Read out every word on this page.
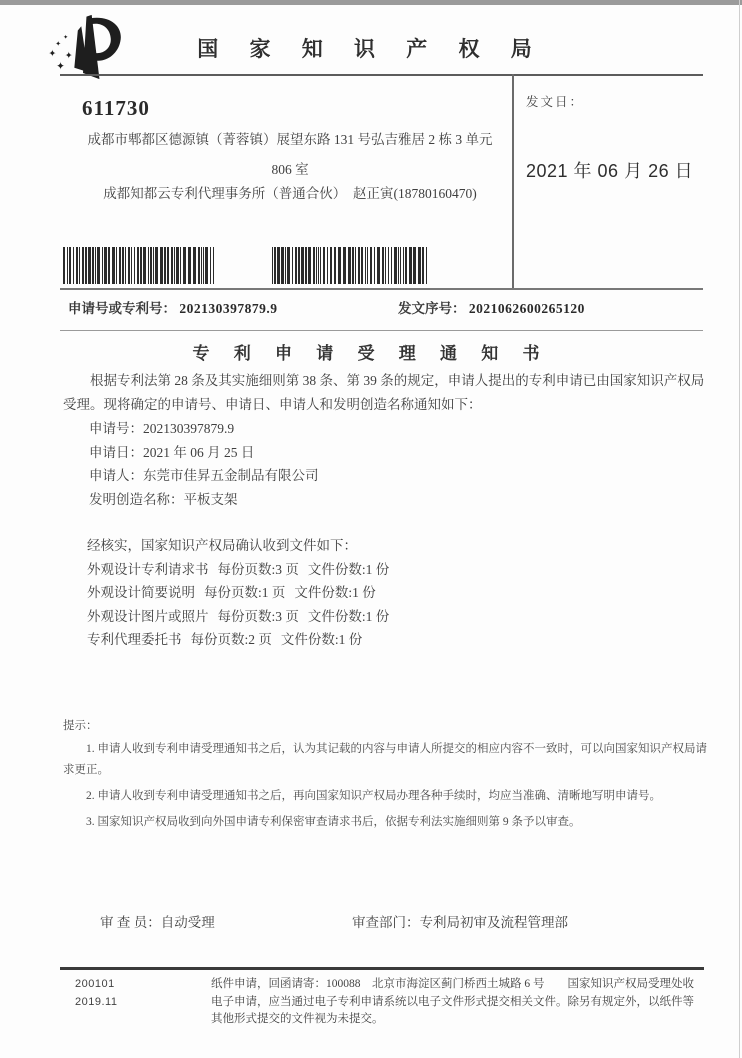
✦
✦
✦ ✦
✦
国 家 知 识 产 权 局
611730
成都市郫都区德源镇（菁蓉镇）展望东路 131 号弘吉雅居 2 栋 3 单元
806 室
成都知都云专利代理事务所（普通合伙）　赵正寅(18780160470)
发文日：
2021 年 06 月 26 日
申请号或专利号： 202130397879.9	发文序号： 2021062600265120
专 利 申 请 受 理 通 知 书

根据专利法第 28 条及其实施细则第 38 条、第 39 条的规定，申请人提出的专利申请已由国家知识产权局受理。现将确定的申请号、申请日、申请人和发明创造名称通知如下：

申请号：202130397879.9
申请日：2021 年 06 月 25 日
申请人：东莞市佳昇五金制品有限公司
发明创造名称：平板支架
经核实，国家知识产权局确认收到文件如下：
外观设计专利请求书 每份页数:3 页 文件份数:1 份
外观设计简要说明 每份页数:1 页 文件份数:1 份
外观设计图片或照片 每份页数:3 页 文件份数:1 份
专利代理委托书 每份页数:2 页 文件份数:1 份
提示：

1. 申请人收到专利申请受理通知书之后，认为其记载的内容与申请人所提交的相应内容不一致时，可以向国家知识产权局请求更正。

2. 申请人收到专利申请受理通知书之后，再向国家知识产权局办理各种手续时，均应当准确、清晰地写明申请号。

3. 国家知识产权局收到向外国申请专利保密审查请求书后，依据专利法实施细则第 9 条予以审查。

审 查 员：自动受理	审查部门：专利局初审及流程管理部
200101	纸件申请，回函请寄：100088　北京市海淀区蓟门桥西土城路 6 号　　国家知识产权局受理处收
2019.11	电子申请，应当通过电子专利申请系统以电子文件形式提交相关文件。除另有规定外，以纸件等其他形式提交的文件视为未提交。
